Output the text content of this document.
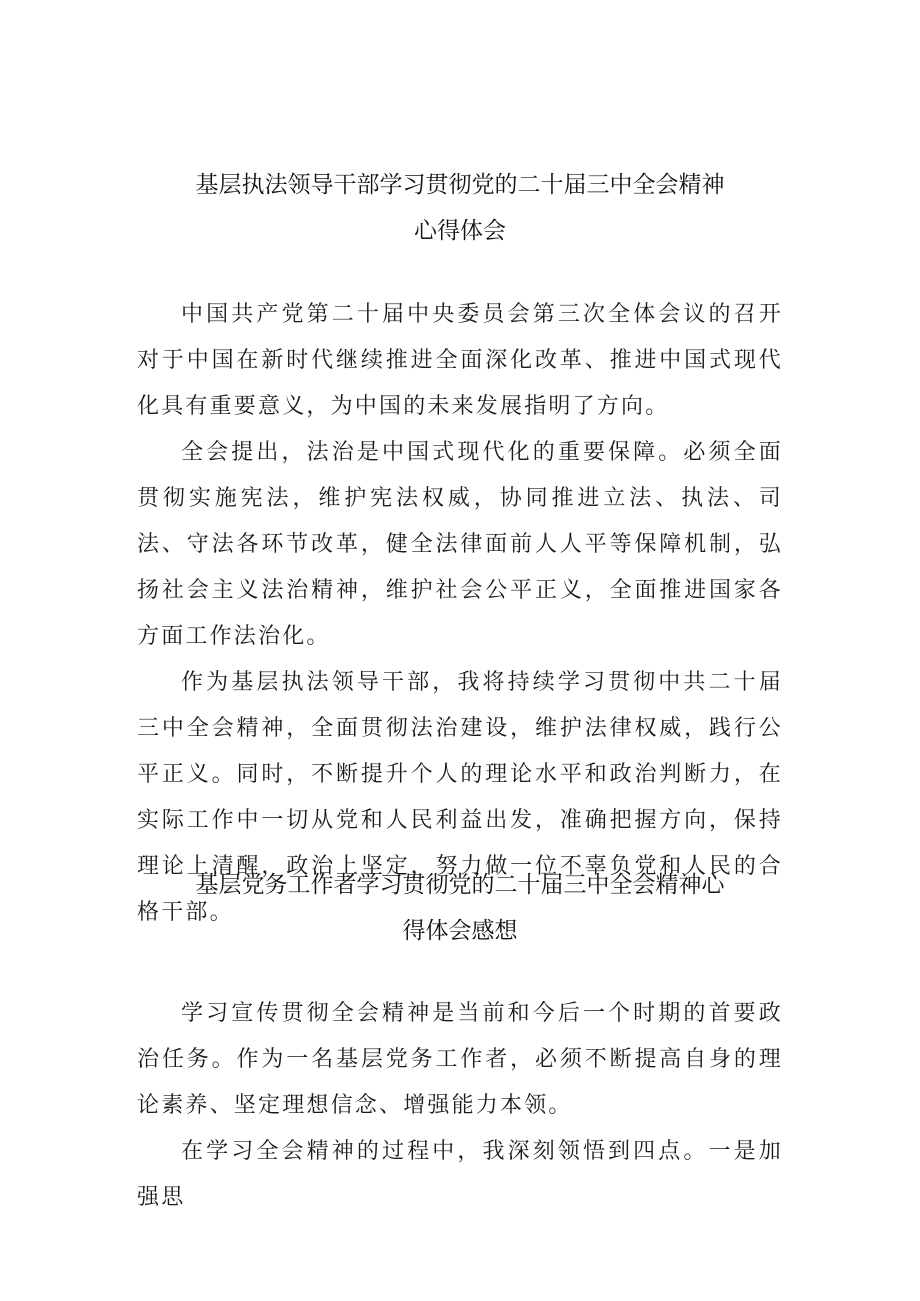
基层执法领导干部学习贯彻党的二十届三中全会精神
心得体会

中国共产党第二十届中央委员会第三次全体会议的召开对于中国在新时代继续推进全面深化改革、推进中国式现代化具有重要意义，为中国的未来发展指明了方向。

全会提出，法治是中国式现代化的重要保障。必须全面贯彻实施宪法，维护宪法权威，协同推进立法、执法、司法、守法各环节改革，健全法律面前人人平等保障机制，弘扬社会主义法治精神，维护社会公平正义，全面推进国家各方面工作法治化。

作为基层执法领导干部，我将持续学习贯彻中共二十届三中全会精神，全面贯彻法治建设，维护法律权威，践行公平正义。同时，不断提升个人的理论水平和政治判断力，在实际工作中一切从党和人民利益出发，准确把握方向，保持理论上清醒，政治上坚定，努力做一位不辜负党和人民的合格干部。

基层党务工作者学习贯彻党的二十届三中全会精神心
得体会感想

学习宣传贯彻全会精神是当前和今后一个时期的首要政治任务。作为一名基层党务工作者，必须不断提高自身的理论素养、坚定理想信念、增强能力本领。

在学习全会精神的过程中，我深刻领悟到四点。一是加强思
